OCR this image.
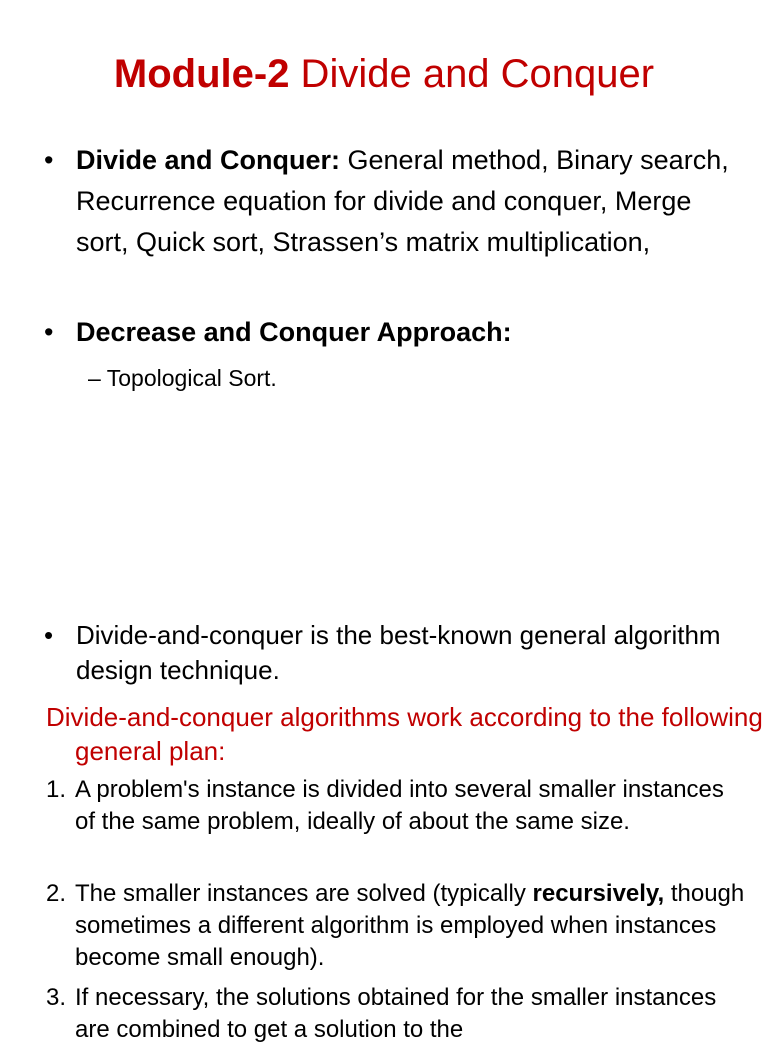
Module-2 Divide and Conquer
• Divide and Conquer: General method, Binary search, Recurrence equation for divide and conquer, Merge sort, Quick sort, Strassen’s matrix multiplication,
• Decrease and Conquer Approach:
– Topological Sort.
• Divide-and-conquer is the best-known general algorithm design technique.
Divide-and-conquer algorithms work according to the following general plan:
1. A problem's instance is divided into several smaller instances of the same problem, ideally of about the same size.
2. The smaller instances are solved (typically recursively, though sometimes a different algorithm is employed when instances become small enough).
3. If necessary, the solutions obtained for the smaller instances are combined to get a solution to the
